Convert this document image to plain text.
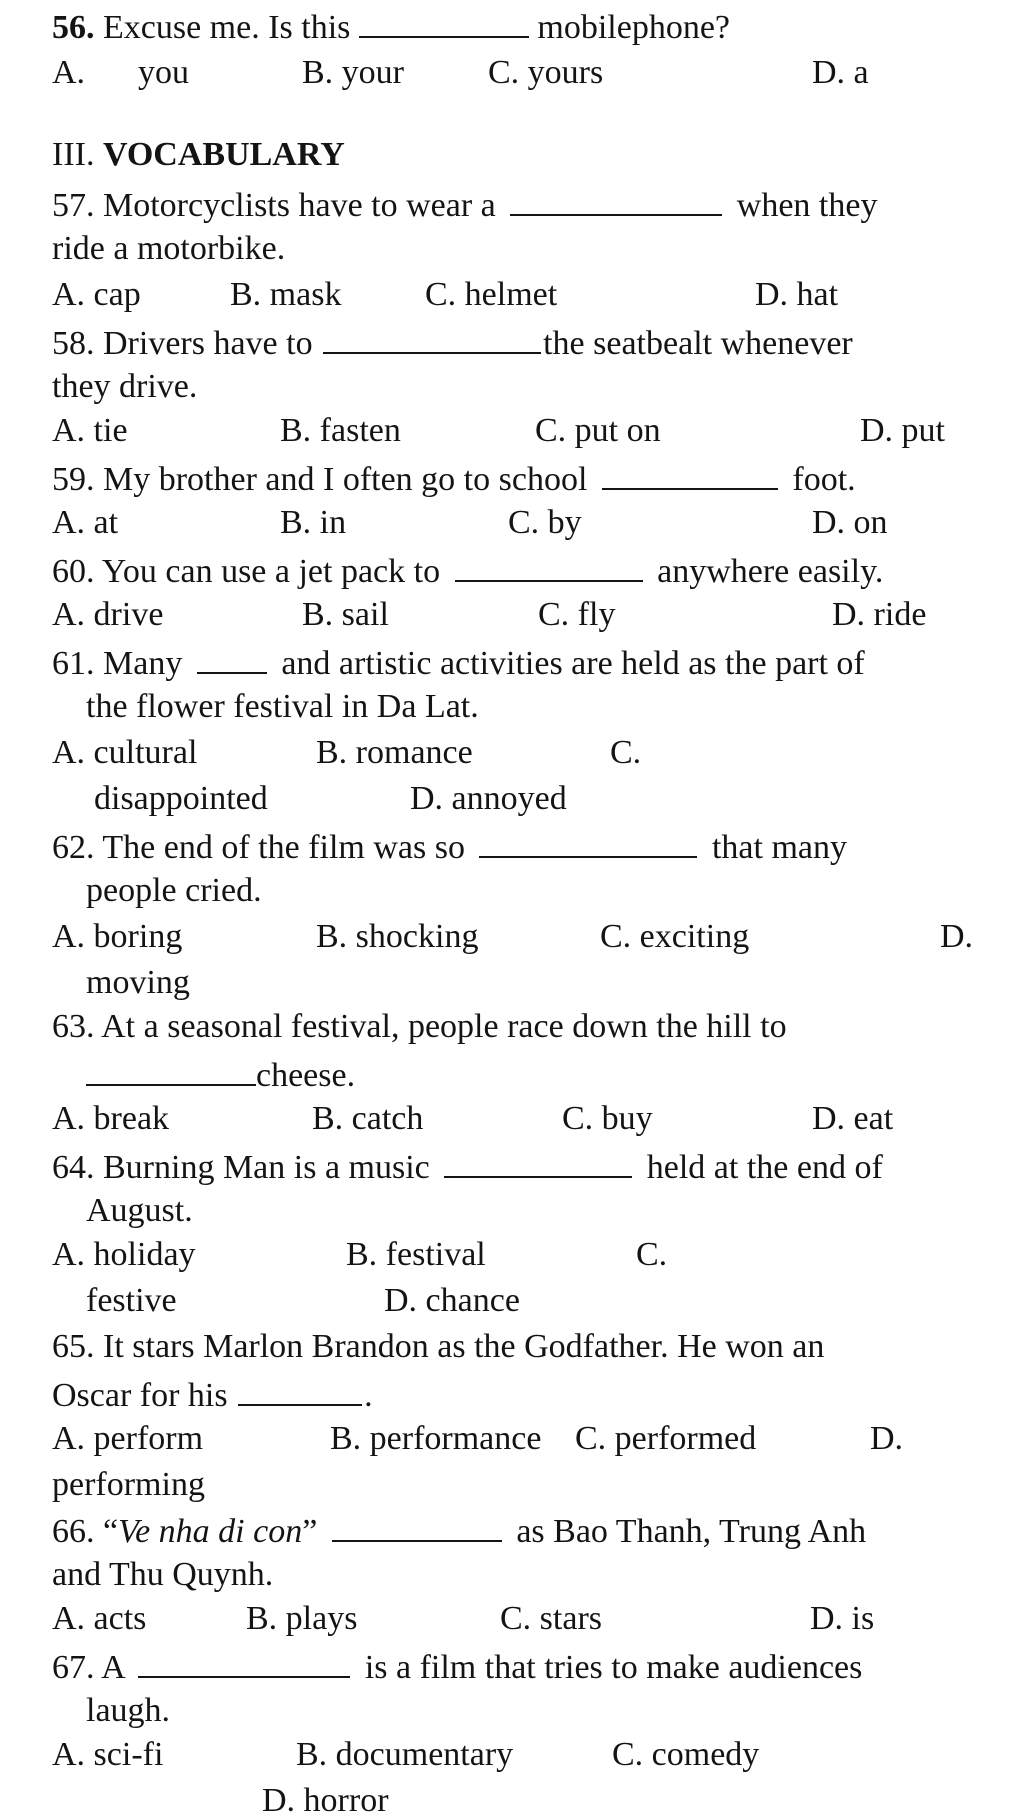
56. Excuse me. Is this	mobilephone?
A. you	B. your C. yours	D. a
III. VOCABULARY
57. Motorcyclists have to wear a	when they
ride a motorbike.
A. cap	B. mask C. helmet	D. hat
58. Drivers have to	the seatbealt whenever
they drive.
A. tie	B. fasten	C. put on	D. put
59. My brother and I often go to school	foot.
A. at	B. in	C. by	D. on
60. You can use a jet pack to	anywhere easily.
A. drive	B. sail	C. fly	D. ride
61. Many	and artistic activities are held as the part of
the flower festival in Da Lat.
A. cultural	B. romance	C.
disappointed	D. annoyed
62. The end of the film was so	that many
people cried.
A. boring	B. shocking	C. exciting	D.
moving
63. At a seasonal festival, people race down the hill to
cheese.
A. break	B. catch	C. buy	D. eat
64. Burning Man is a music	held at the end of
August.
A. holiday	B. festival	C.
festive	D. chance
65. It stars Marlon Brandon as the Godfather. He won an
Oscar for his	.
A. perform	B. performance C. performed	D.
performing
66. “Ve nha di con”	as Bao Thanh, Trung Anh
and Thu Quynh.
A. acts	B. plays	C. stars	D. is
67. A	is a film that tries to make audiences
laugh.
A. sci-fi	B. documentary	C. comedy
D. horror
